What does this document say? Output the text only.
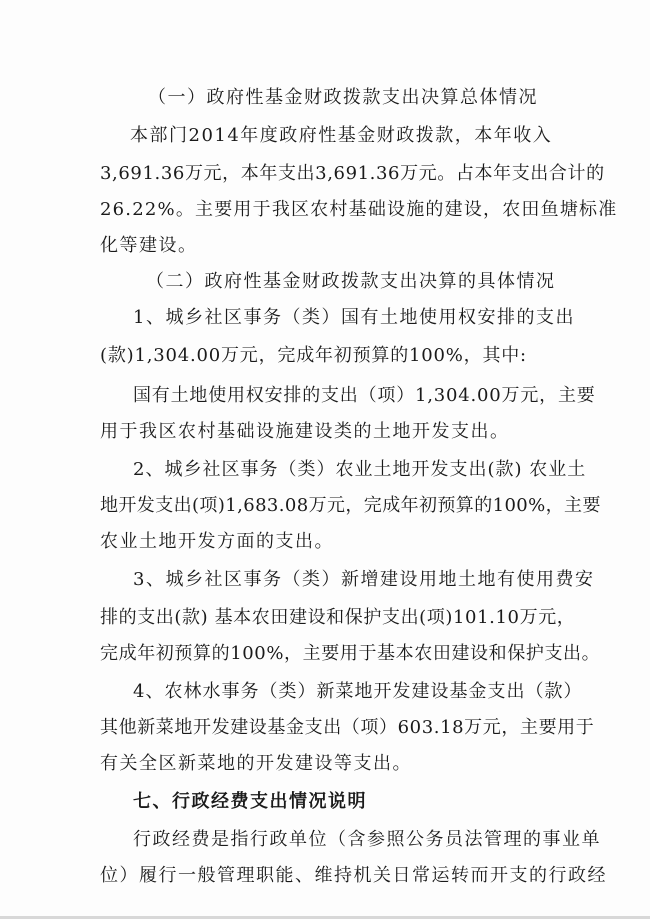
（一）政府性基金财政拨款支出决算总体情况
本部门2014年度政府性基金财政拨款，本年收入
3,691.36万元，本年支出3,691.36万元。占本年支出合计的
26.22%。主要用于我区农村基础设施的建设，农田鱼塘标准
化等建设。
（二）政府性基金财政拨款支出决算的具体情况
1、城乡社区事务（类）国有土地使用权安排的支出
(款)1,304.00万元，完成年初预算的100%，其中:
国有土地使用权安排的支出（项）1,304.00万元，主要
用于我区农村基础设施建设类的土地开发支出。
2、城乡社区事务（类）农业土地开发支出(款) 农业土
地开发支出(项)1,683.08万元，完成年初预算的100%，主要
农业土地开发方面的支出。
3、城乡社区事务（类）新增建设用地土地有使用费安
排的支出(款) 基本农田建设和保护支出(项)101.10万元，
完成年初预算的100%，主要用于基本农田建设和保护支出。
4、农林水事务（类）新菜地开发建设基金支出（款）
其他新菜地开发建设基金支出（项）603.18万元，主要用于
有关全区新菜地的开发建设等支出。
七、行政经费支出情况说明
行政经费是指行政单位（含参照公务员法管理的事业单
位）履行一般管理职能、维持机关日常运转而开支的行政经
